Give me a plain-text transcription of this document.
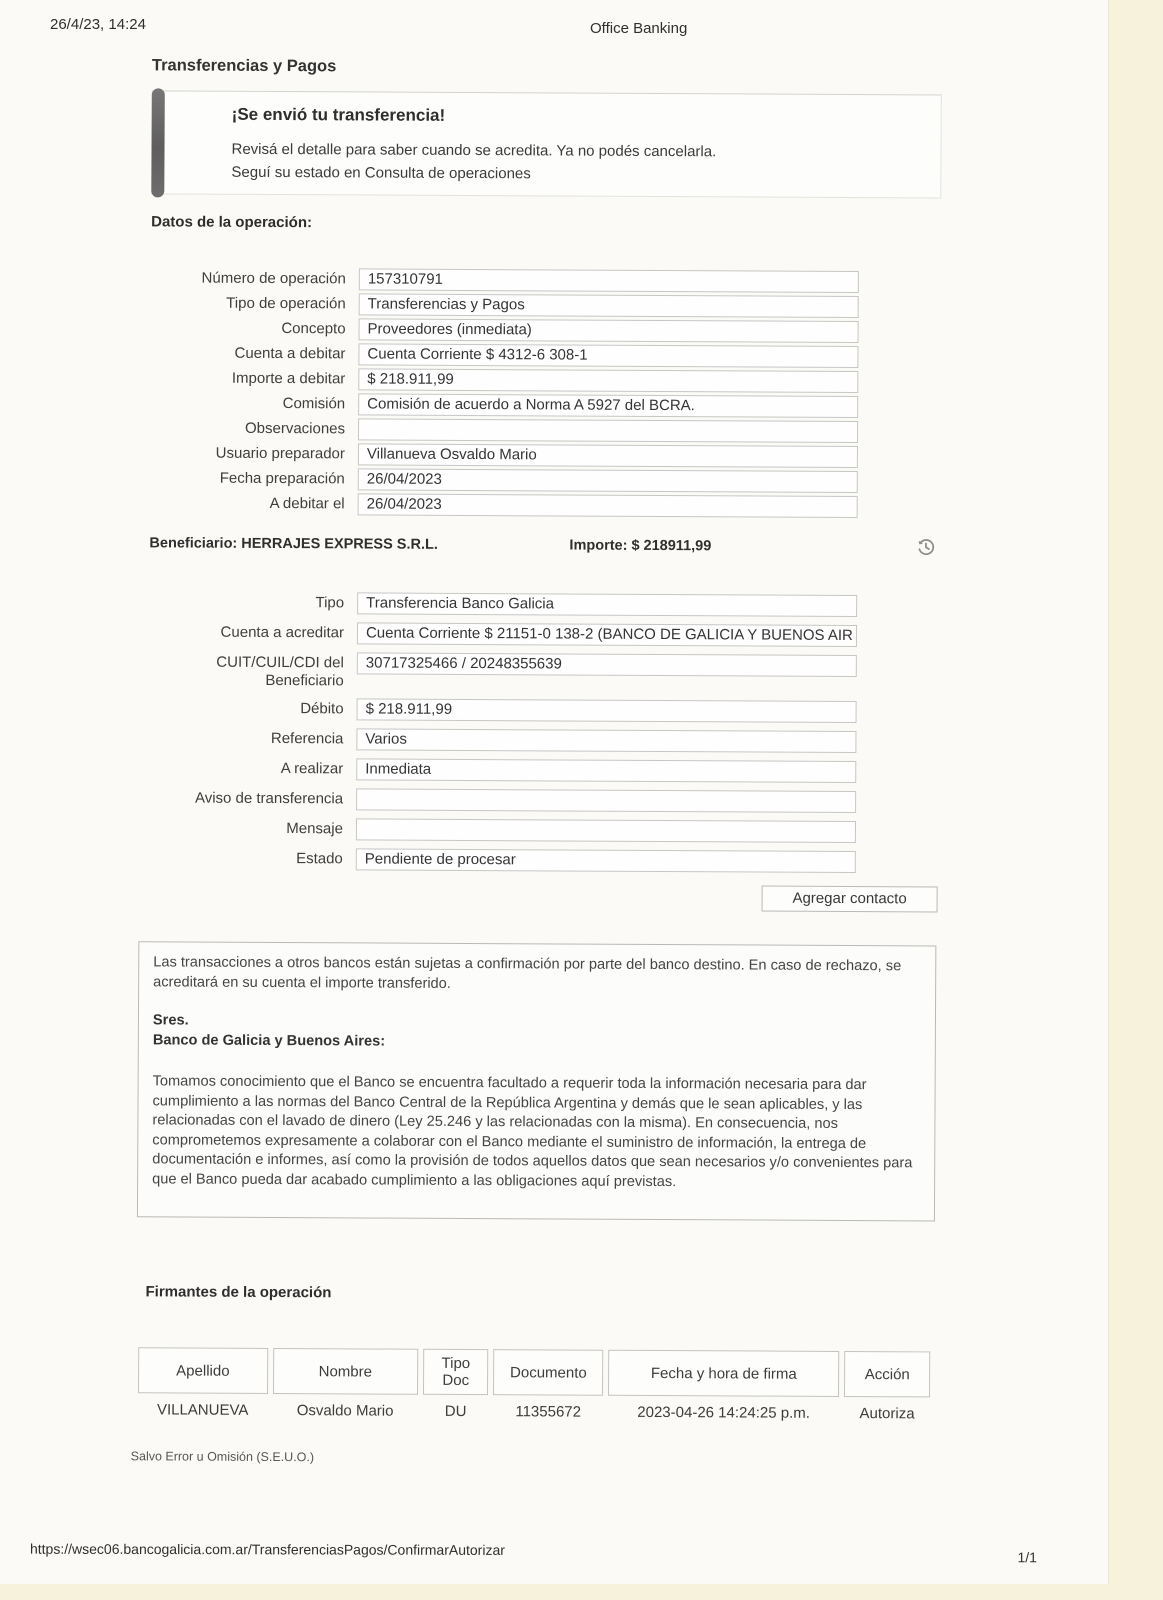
26/4/23, 14:24	Office Banking
Transferencias y Pagos
¡Se envió tu transferencia!
Revisá el detalle para saber cuando se acredita. Ya no podés cancelarla.
Seguí su estado en Consulta de operaciones
Datos de la operación:
Número de operación	157310791
Tipo de operación	Transferencias y Pagos
Concepto	Proveedores (inmediata)
Cuenta a debitar	Cuenta Corriente $ 4312-6 308-1
Importe a debitar	$ 218.911,99
Comisión	Comisión de acuerdo a Norma A 5927 del BCRA.
Observaciones
Usuario preparador	Villanueva Osvaldo Mario
Fecha preparación	26/04/2023
A debitar el	26/04/2023
Beneficiario: HERRAJES EXPRESS S.R.L.	Importe: $ 218911,99
Tipo	Transferencia Banco Galicia
Cuenta a acreditar	Cuenta Corriente $ 21151-0 138-2 (BANCO DE GALICIA Y BUENOS AIR
CUIT/CUIL/CDI del Beneficiario
30717325466 / 20248355639
Débito	$ 218.911,99
Referencia	Varios
A realizar	Inmediata
Aviso de transferencia
Mensaje
Estado	Pendiente de procesar
Agregar contacto

Las transacciones a otros bancos están sujetas a confirmación por parte del banco destino. En caso de rechazo, se acreditará en su cuenta el importe transferido.

Sres.

Banco de Galicia y Buenos Aires:

Tomamos conocimiento que el Banco se encuentra facultado a requerir toda la información necesaria para dar cumplimiento a las normas del Banco Central de la República Argentina y demás que le sean aplicables, y las relacionadas con el lavado de dinero (Ley 25.246 y las relacionadas con la misma). En consecuencia, nos comprometemos expresamente a colaborar con el Banco mediante el suministro de información, la entrega de documentación e informes, así como la provisión de todos aquellos datos que sean necesarios y/o convenientes para que el Banco pueda dar acabado cumplimiento a las obligaciones aquí previstas.

Firmantes de la operación
Apellido	Nombre	Tipo Doc	Documento	Fecha y hora de firma	Acción
VILLANUEVA	Osvaldo Mario	DU	11355672	2023-04-26 14:24:25 p.m.	Autoriza
Salvo Error u Omisión (S.E.U.O.)
https://wsec06.bancogalicia.com.ar/TransferenciasPagos/ConfirmarAutorizar	1/1
